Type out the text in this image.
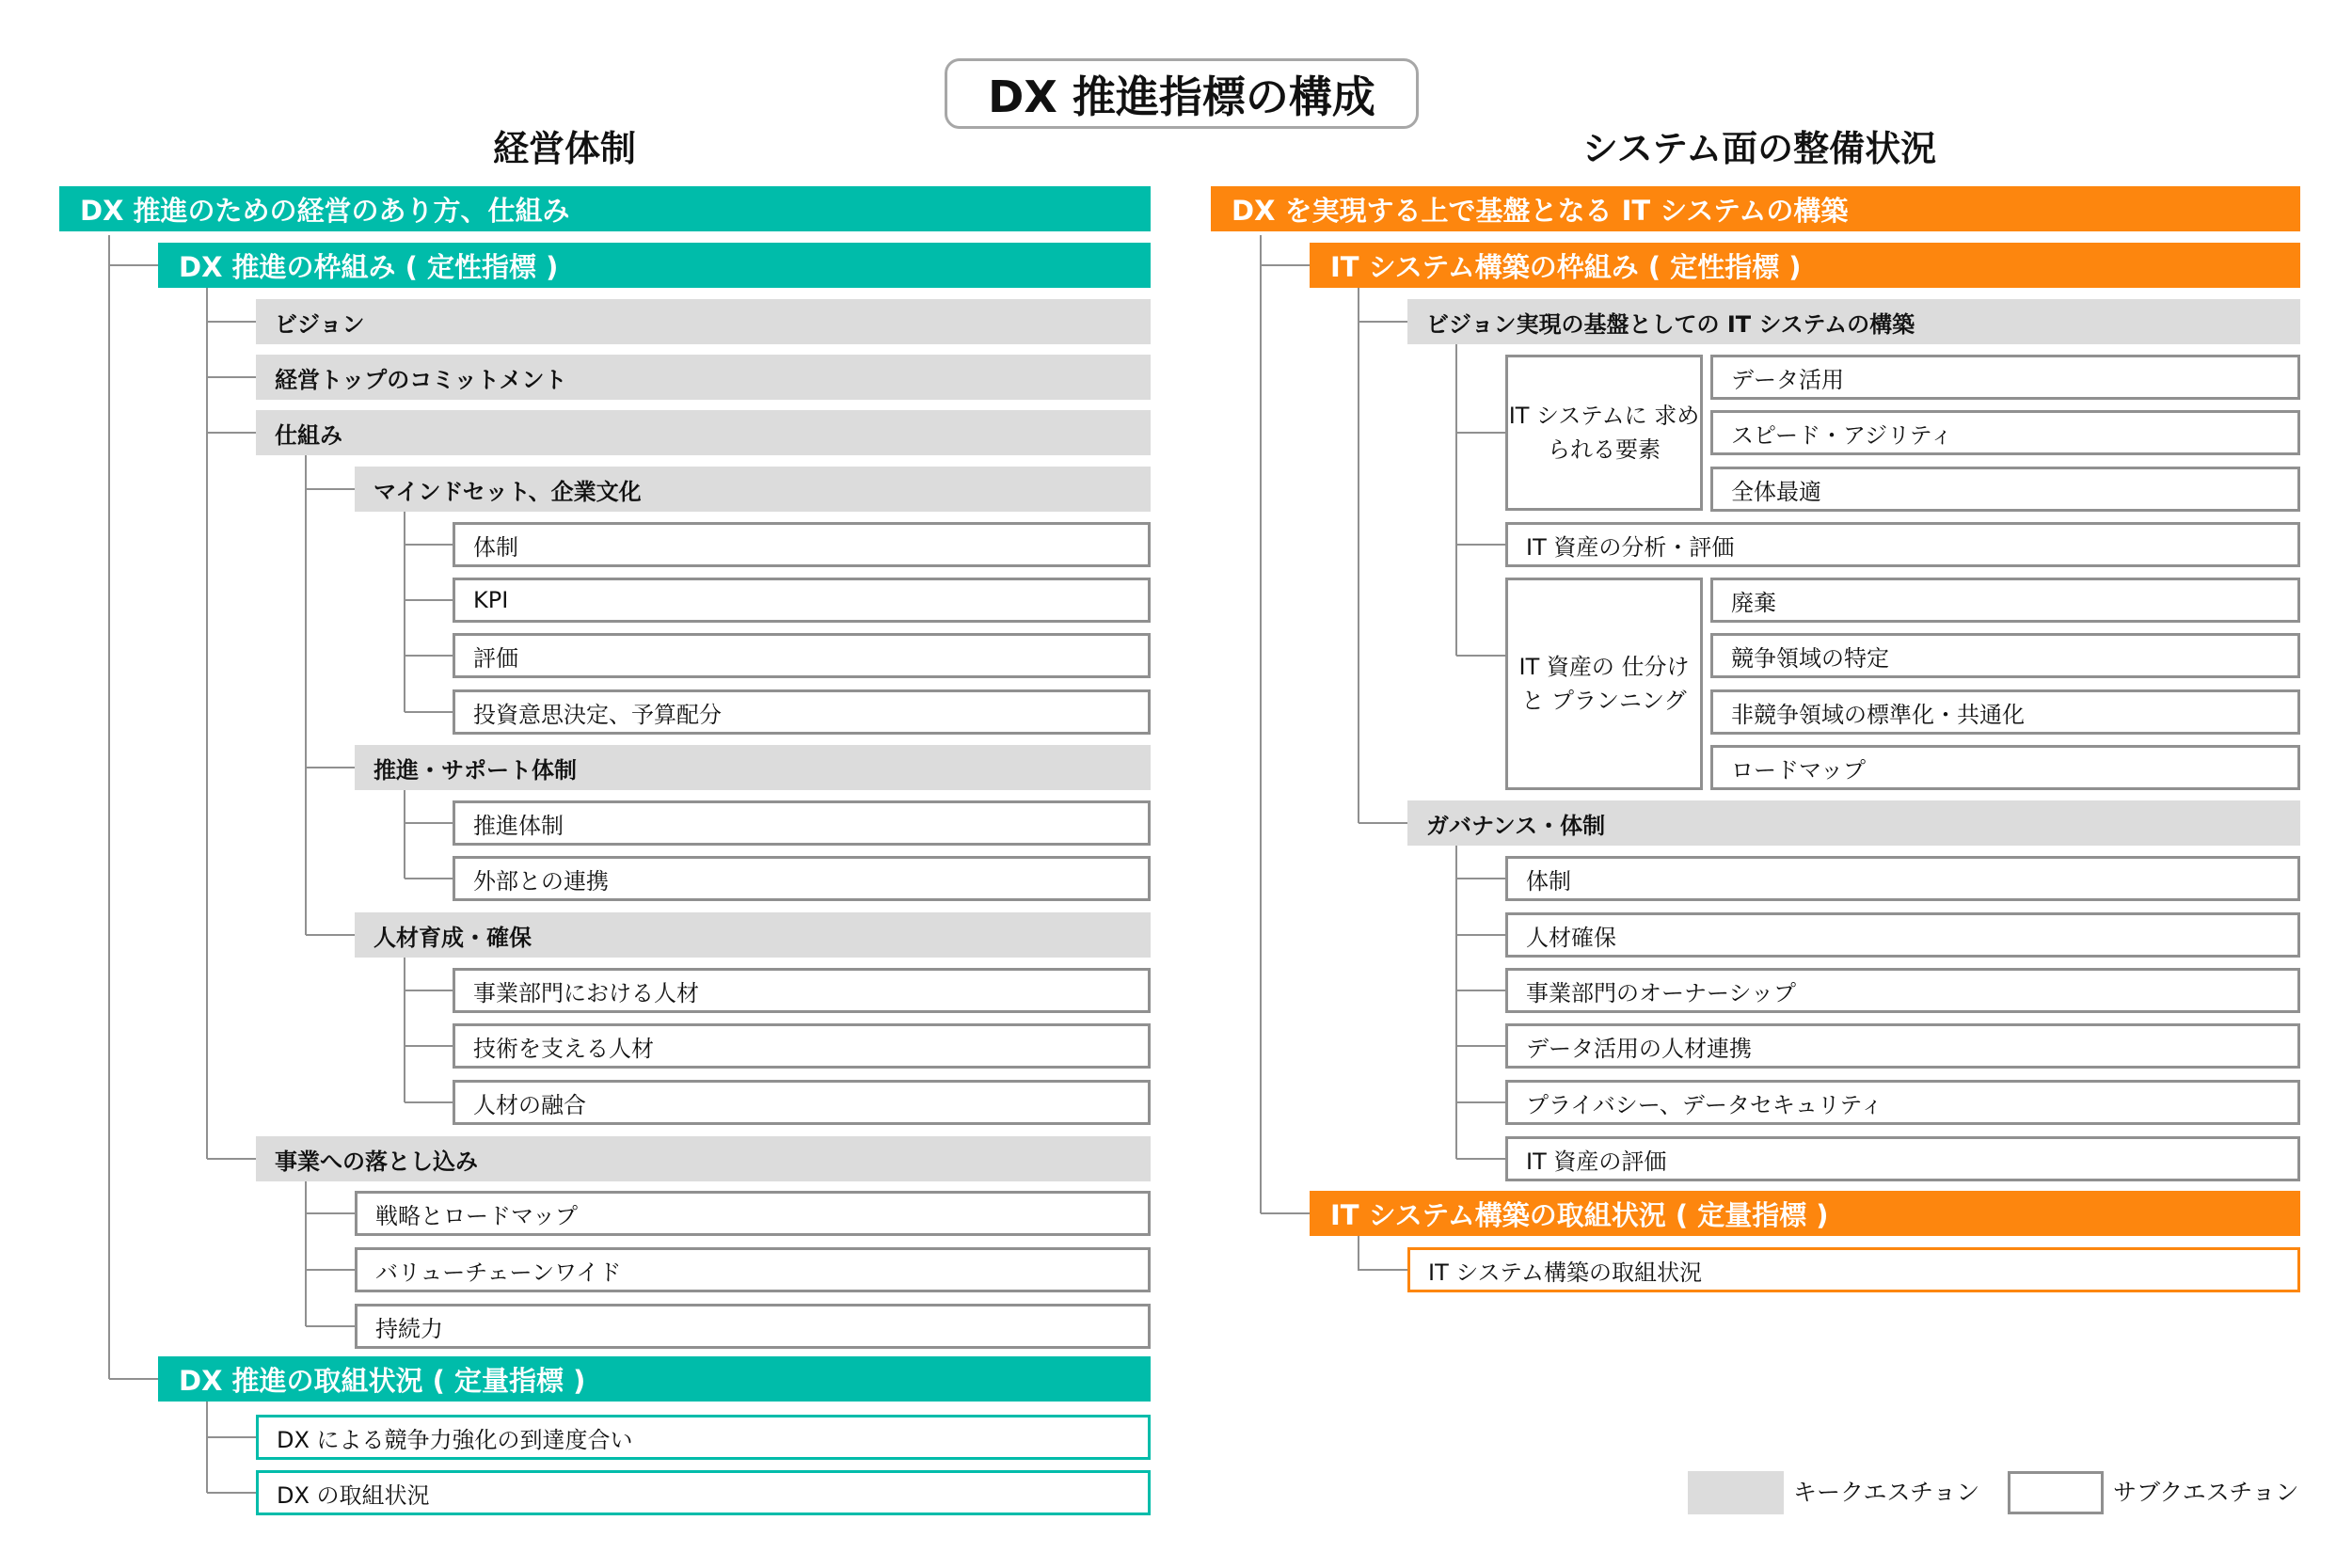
DX 推進指標の構成
経営体制	システム面の整備状況
DX 推進のための経営のあり方、仕組み
DX 推進の枠組み ( 定性指標 )
ビジョン
経営トップのコミットメント
仕組み
マインドセット、企業文化
体制
KPI
評価
投資意思決定、予算配分
推進・サポート体制
推進体制
外部との連携
人材育成・確保
事業部門における人材
技術を支える人材
人材の融合
事業への落とし込み
戦略とロードマップ
バリューチェーンワイド
持続力
DX 推進の取組状況 ( 定量指標 )
DX による競争力強化の到達度合い
DX の取組状況
DX を実現する上で基盤となる IT システムの構築
IT システム構築の枠組み ( 定性指標 )
ビジョン実現の基盤としての IT システムの構築
IT システムに 求められる要素
データ活用
スピード・アジリティ
全体最適
IT 資産の分析・評価
IT 資産の 仕分けと プランニング
廃棄
競争領域の特定
非競争領域の標準化・共通化
ロードマップ
ガバナンス・体制
体制
人材確保
事業部門のオーナーシップ
データ活用の人材連携
プライバシー、データセキュリティ
IT 資産の評価
IT システム構築の取組状況 ( 定量指標 )
IT システム構築の取組状況
キークエスチョン	サブクエスチョン
